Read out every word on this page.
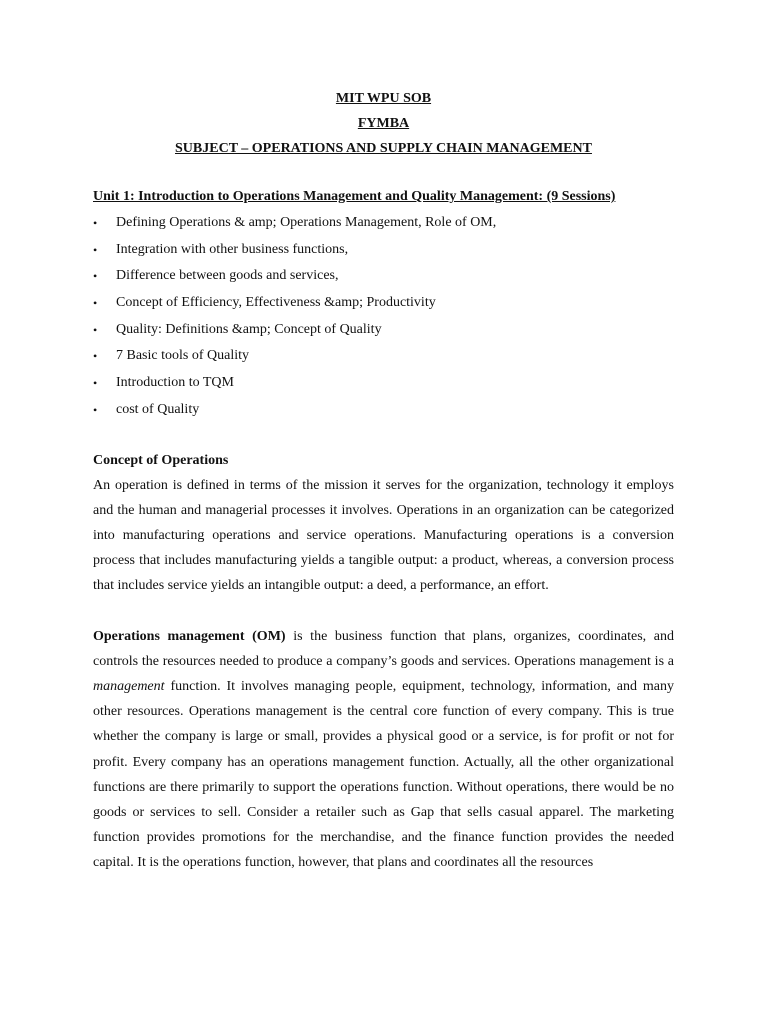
MIT WPU SOB

FYMBA

SUBJECT – OPERATIONS AND SUPPLY CHAIN MANAGEMENT

Unit 1: Introduction to Operations Management and Quality Management: (9 Sessions)

• Defining Operations & amp; Operations Management, Role of OM,
• Integration with other business functions,
• Difference between goods and services,
• Concept of Efficiency, Effectiveness &amp; Productivity
• Quality: Definitions &amp; Concept of Quality
• 7 Basic tools of Quality
• Introduction to TQM
• cost of Quality

Concept of Operations

An operation is defined in terms of the mission it serves for the organization, technology it employs and the human and managerial processes it involves. Operations in an organization can be categorized into manufacturing operations and service operations. Manufacturing operations is a conversion process that includes manufacturing yields a tangible output: a product, whereas, a conversion process that includes service yields an intangible output: a deed, a performance, an effort.

Operations management (OM) is the business function that plans, organizes, coordinates, and controls the resources needed to produce a company’s goods and services. Operations management is a management function. It involves managing people, equipment, technology, information, and many other resources. Operations management is the central core function of every company. This is true whether the company is large or small, provides a physical good or a service, is for profit or not for profit. Every company has an operations management function. Actually, all the other organizational functions are there primarily to support the operations function. Without operations, there would be no goods or services to sell. Consider a retailer such as Gap that sells casual apparel. The marketing function provides promotions for the merchandise, and the finance function provides the needed capital. It is the operations function, however, that plans and coordinates all the resources
